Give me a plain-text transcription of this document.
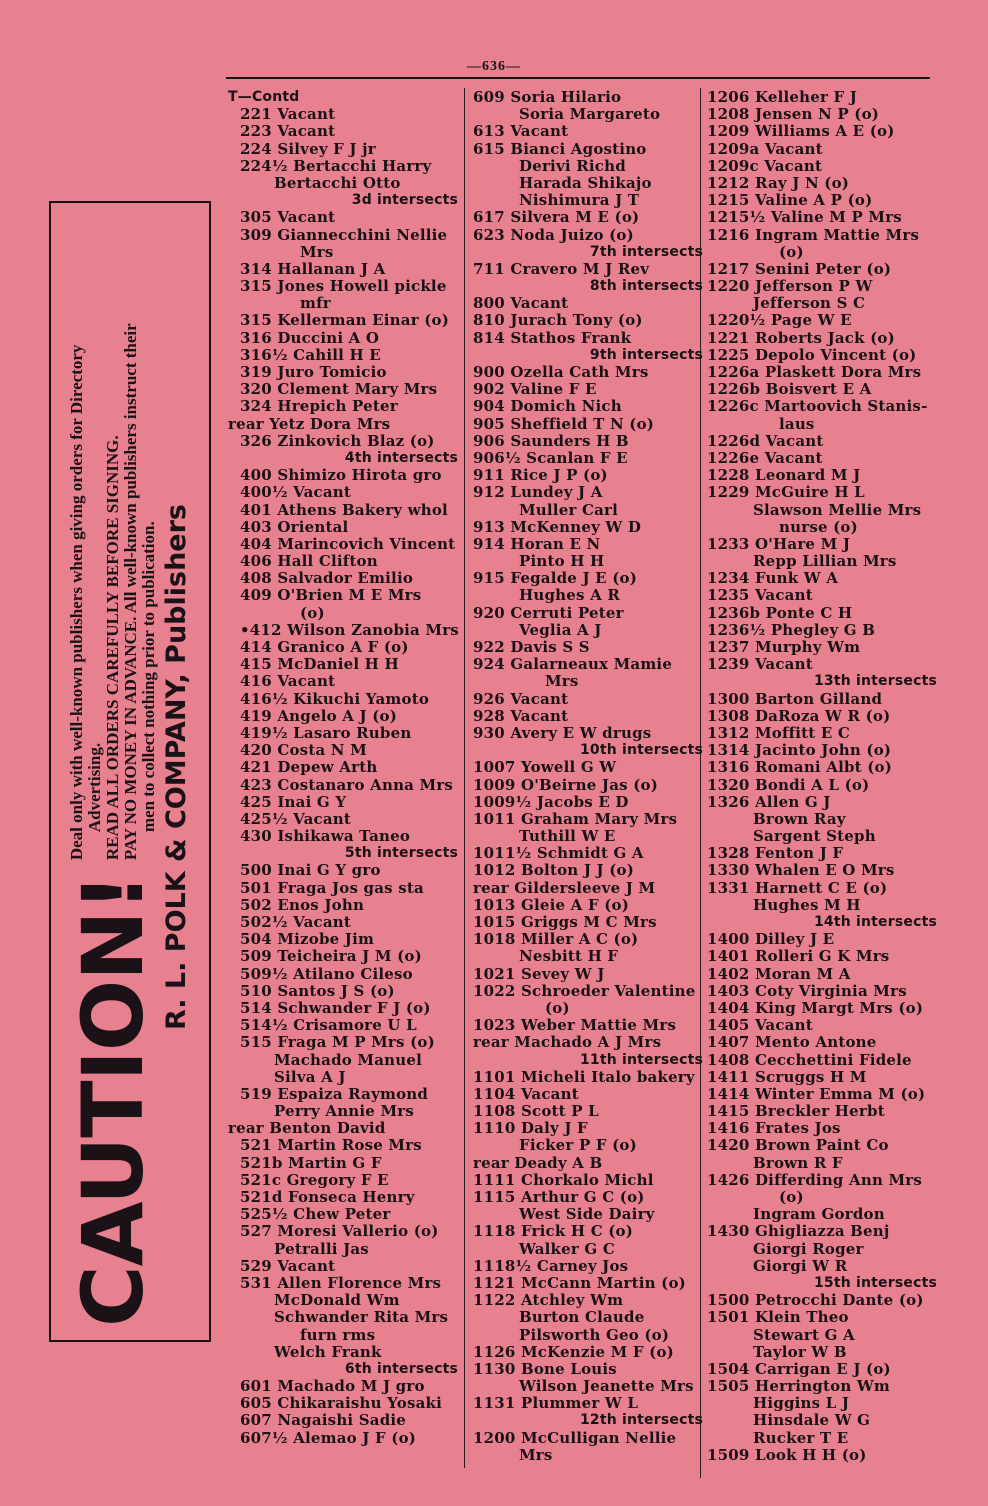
—636—
CAUTION!
Deal only with well-known publishers when giving orders for Directory Advertising. READ ALL ORDERS CAREFULLY BEFORE SIGNING. PAY NO MONEY IN ADVANCE. All well-known publishers instruct their men to collect nothing prior to publication. R. L. POLK & COMPANY, Publishers
T—Contd
221 Vacant
223 Vacant
224 Silvey F J jr
224½ Bertacchi Harry
Bertacchi Otto
3d intersects
305 Vacant
309 Giannecchini Nellie
Mrs
314 Hallanan J A
315 Jones Howell pickle
mfr
315 Kellerman Einar (o)
316 Duccini A O
316½ Cahill H E
319 Juro Tomicio
320 Clement Mary Mrs
324 Hrepich Peter
rear Yetz Dora Mrs
326 Zinkovich Blaz (o)
4th intersects
400 Shimizo Hirota gro
400½ Vacant
401 Athens Bakery whol
403 Oriental
404 Marincovich Vincent
406 Hall Clifton
408 Salvador Emilio
409 O'Brien M E Mrs
(o)
•412 Wilson Zanobia Mrs
414 Granico A F (o)
415 McDaniel H H
416 Vacant
416½ Kikuchi Yamoto
419 Angelo A J (o)
419½ Lasaro Ruben
420 Costa N M
421 Depew Arth
423 Costanaro Anna Mrs
425 Inai G Y
425½ Vacant
430 Ishikawa Taneo
5th intersects
500 Inai G Y gro
501 Fraga Jos gas sta
502 Enos John
502½ Vacant
504 Mizobe Jim
509 Teicheira J M (o)
509½ Atilano Cileso
510 Santos J S (o)
514 Schwander F J (o)
514½ Crisamore U L
515 Fraga M P Mrs (o)
Machado Manuel
Silva A J
519 Espaiza Raymond
Perry Annie Mrs
rear Benton David
521 Martin Rose Mrs
521b Martin G F
521c Gregory F E
521d Fonseca Henry
525½ Chew Peter
527 Moresi Vallerio (o)
Petralli Jas
529 Vacant
531 Allen Florence Mrs
McDonald Wm
Schwander Rita Mrs
furn rms
Welch Frank
6th intersects
601 Machado M J gro
605 Chikaraishu Yosaki
607 Nagaishi Sadie
607½ Alemao J F (o)
609 Soria Hilario
Soria Margareto
613 Vacant
615 Bianci Agostino
Derivi Richd
Harada Shikajo
Nishimura J T
617 Silvera M E (o)
623 Noda Juizo (o)
7th intersects
711 Cravero M J Rev
8th intersects
800 Vacant
810 Jurach Tony (o)
814 Stathos Frank
9th intersects
900 Ozella Cath Mrs
902 Valine F E
904 Domich Nich
905 Sheffield T N (o)
906 Saunders H B
906½ Scanlan F E
911 Rice J P (o)
912 Lundey J A
Muller Carl
913 McKenney W D
914 Horan E N
Pinto H H
915 Fegalde J E (o)
Hughes A R
920 Cerruti Peter
Veglia A J
922 Davis S S
924 Galarneaux Mamie
Mrs
926 Vacant
928 Vacant
930 Avery E W drugs
10th intersects
1007 Yowell G W
1009 O'Beirne Jas (o)
1009½ Jacobs E D
1011 Graham Mary Mrs
Tuthill W E
1011½ Schmidt G A
1012 Bolton J J (o)
rear Gildersleeve J M
1013 Gleie A F (o)
1015 Griggs M C Mrs
1018 Miller A C (o)
Nesbitt H F
1021 Sevey W J
1022 Schroeder Valentine
(o)
1023 Weber Mattie Mrs
rear Machado A J Mrs
11th intersects
1101 Micheli Italo bakery
1104 Vacant
1108 Scott P L
1110 Daly J F
Ficker P F (o)
rear Deady A B
1111 Chorkalo Michl
1115 Arthur G C (o)
West Side Dairy
1118 Frick H C (o)
Walker G C
1118½ Carney Jos
1121 McCann Martin (o)
1122 Atchley Wm
Burton Claude
Pilsworth Geo (o)
1126 McKenzie M F (o)
1130 Bone Louis
Wilson Jeanette Mrs
1131 Plummer W L
12th intersects
1200 McCulligan Nellie
Mrs
1206 Kelleher F J
1208 Jensen N P (o)
1209 Williams A E (o)
1209a Vacant
1209c Vacant
1212 Ray J N (o)
1215 Valine A P (o)
1215½ Valine M P Mrs
1216 Ingram Mattie Mrs
(o)
1217 Senini Peter (o)
1220 Jefferson P W
Jefferson S C
1220½ Page W E
1221 Roberts Jack (o)
1225 Depolo Vincent (o)
1226a Plaskett Dora Mrs
1226b Boisvert E A
1226c Martoovich Stanis-
laus
1226d Vacant
1226e Vacant
1228 Leonard M J
1229 McGuire H L
Slawson Mellie Mrs
nurse (o)
1233 O'Hare M J
Repp Lillian Mrs
1234 Funk W A
1235 Vacant
1236b Ponte C H
1236½ Phegley G B
1237 Murphy Wm
1239 Vacant
13th intersects
1300 Barton Gilland
1308 DaRoza W R (o)
1312 Moffitt E C
1314 Jacinto John (o)
1316 Romani Albt (o)
1320 Bondi A L (o)
1326 Allen G J
Brown Ray
Sargent Steph
1328 Fenton J F
1330 Whalen E O Mrs
1331 Harnett C E (o)
Hughes M H
14th intersects
1400 Dilley J E
1401 Rolleri G K Mrs
1402 Moran M A
1403 Coty Virginia Mrs
1404 King Margt Mrs (o)
1405 Vacant
1407 Mento Antone
1408 Cecchettini Fidele
1411 Scruggs H M
1414 Winter Emma M (o)
1415 Breckler Herbt
1416 Frates Jos
1420 Brown Paint Co
Brown R F
1426 Differding Ann Mrs
(o)
Ingram Gordon
1430 Ghigliazza Benj
Giorgi Roger
Giorgi W R
15th intersects
1500 Petrocchi Dante (o)
1501 Klein Theo
Stewart G A
Taylor W B
1504 Carrigan E J (o)
1505 Herrington Wm
Higgins L J
Hinsdale W G
Rucker T E
1509 Look H H (o)
